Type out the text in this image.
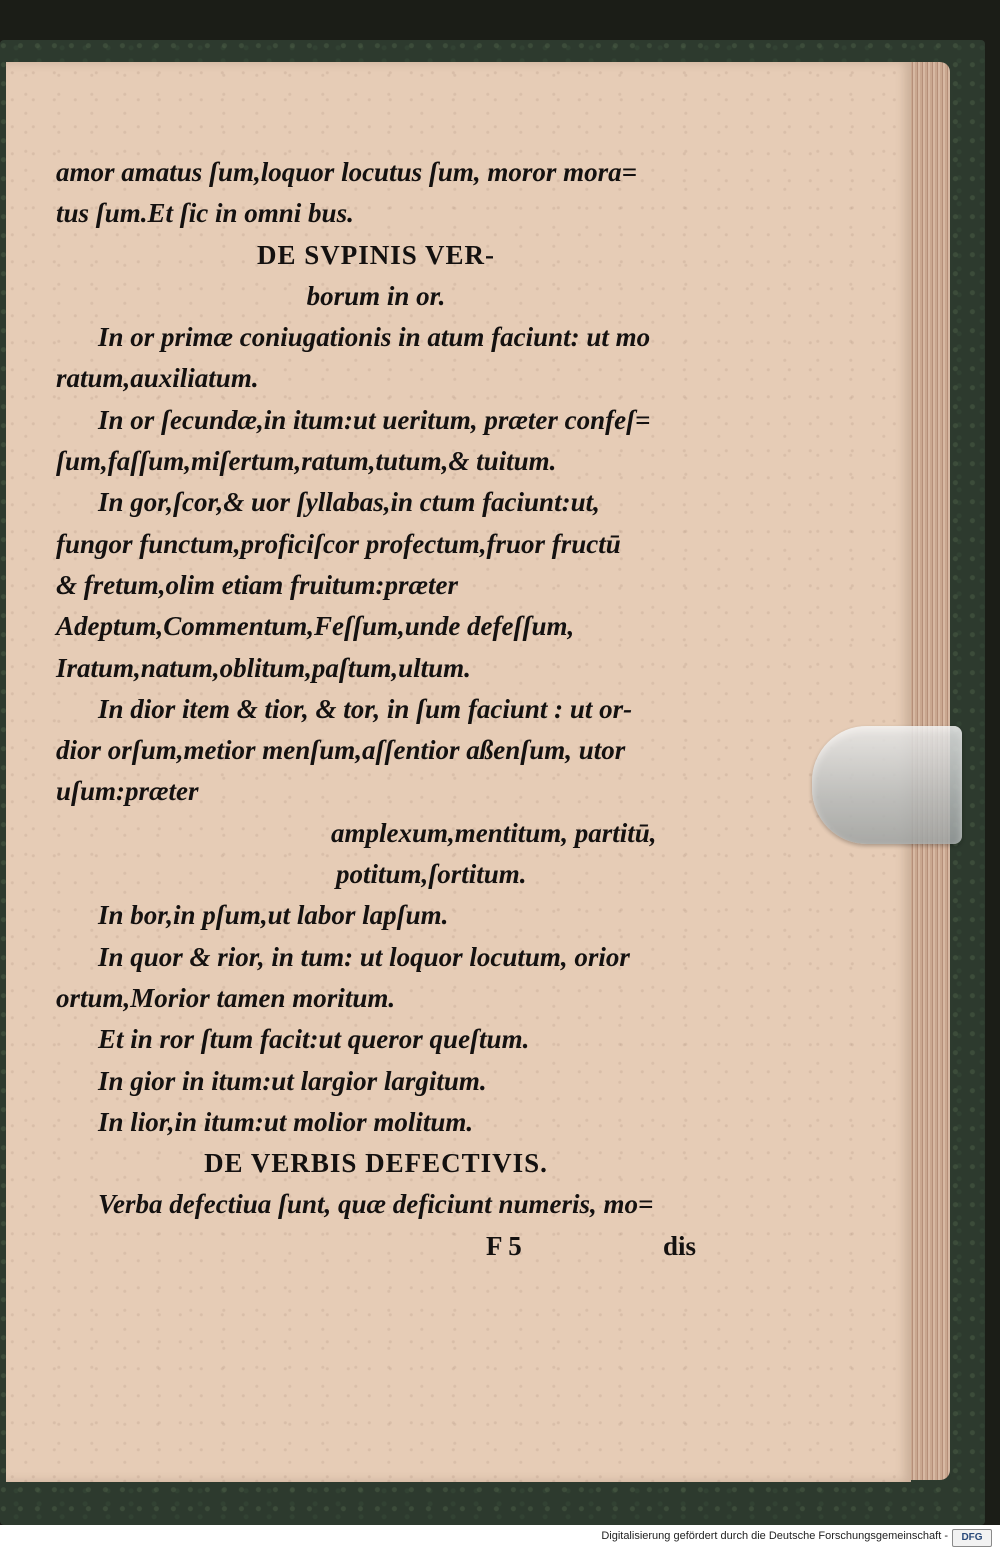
amor amatus ſum,loquor locutus ſum, moror mora=
tus ſum.Et ſic in omni bus.
DE SVPINIS VER-
borum in or.
In or primæ coniugationis in atum faciunt: ut mo
ratum,auxiliatum.
In or ſecundæ,in itum:ut ueritum, præter confeſ=
ſum,faſſum,miſertum,ratum,tutum,& tuitum.
In gor,ſcor,& uor ſyllabas,in ctum faciunt:ut,
fungor functum,proficiſcor profectum,fruor fructū
& fretum,olim etiam fruitum:præter
Adeptum,Commentum,Feſſum,unde defeſſum,
Iratum,natum,oblitum,paſtum,ultum.
In dior item & tior, & tor, in ſum faciunt : ut or-
dior orſum,metior menſum,aſſentior aßenſum, utor
uſum:præter
amplexum,mentitum, partitū,
potitum,ſortitum.
In bor,in pſum,ut labor lapſum.
In quor & rior, in tum: ut loquor locutum, orior
ortum,Morior tamen moritum.
Et in ror ſtum facit:ut queror queſtum.
In gior in itum:ut largior largitum.
In lior,in itum:ut molior molitum.
DE VERBIS DEFECTIVIS.
Verba defectiua ſunt, quæ deficiunt numeris, mo=
F 5	dis
Digitalisierung gefördert durch die Deutsche Forschungsgemeinschaft -	DFG
